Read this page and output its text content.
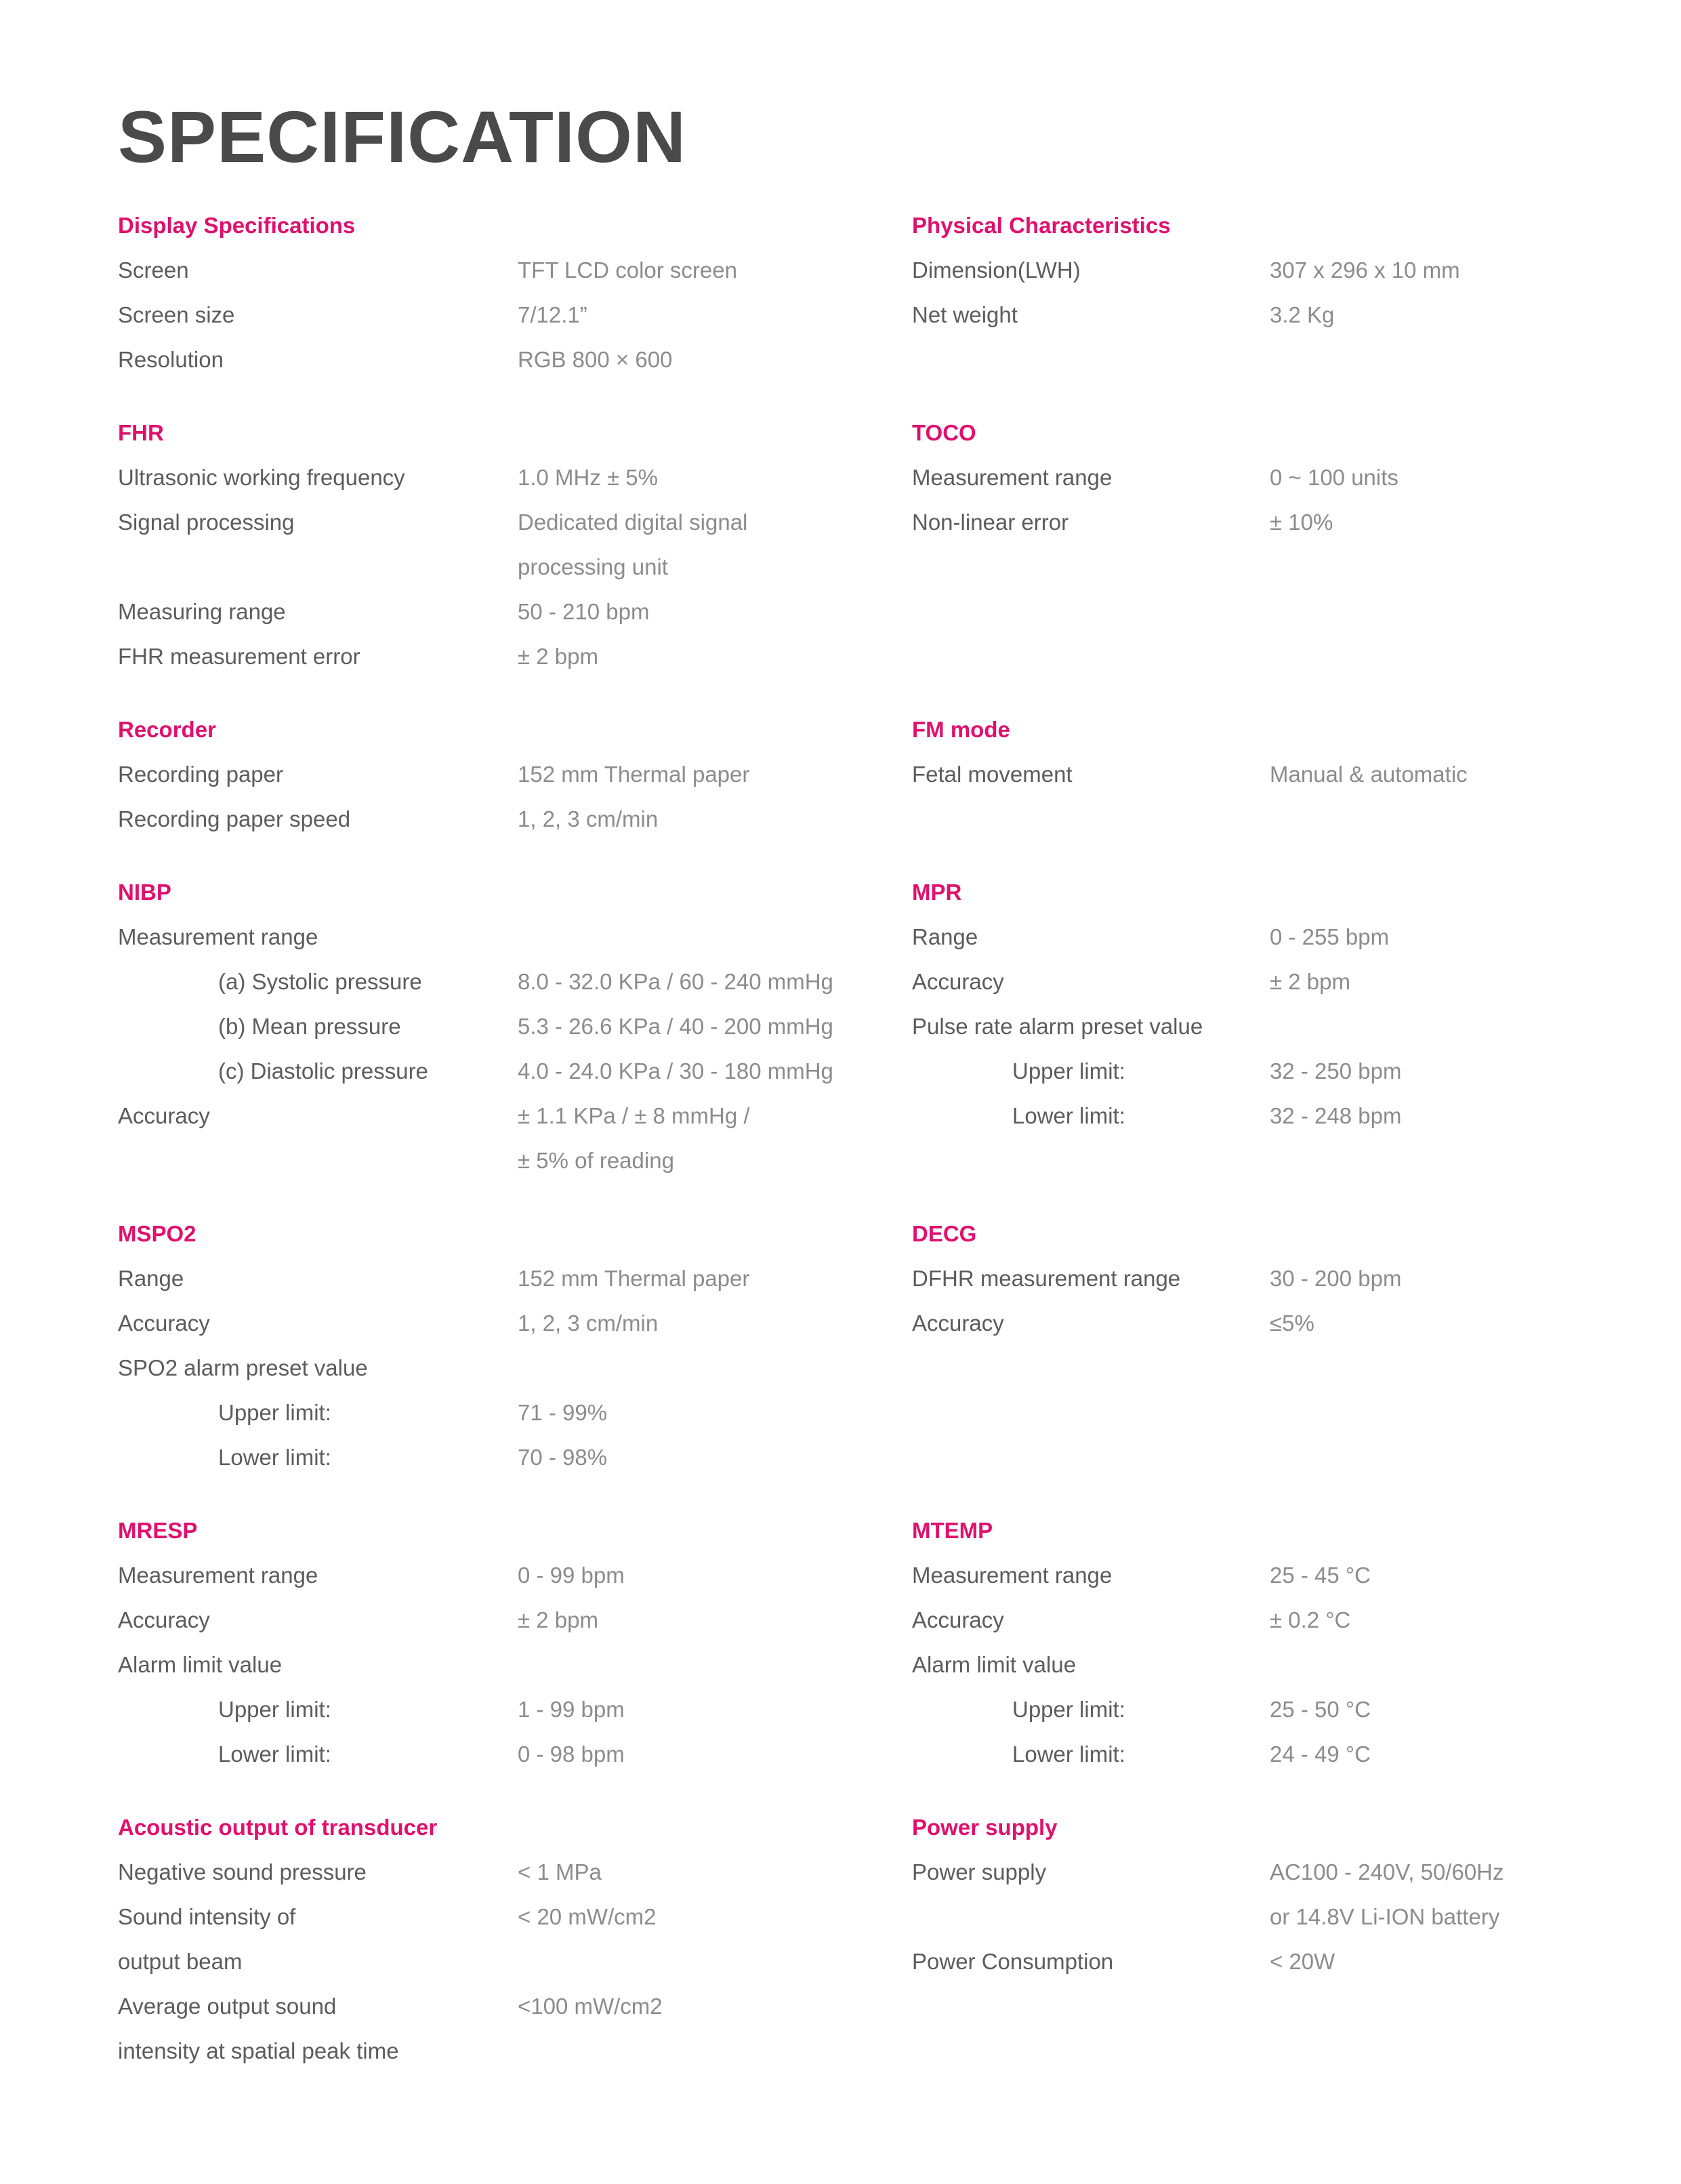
SPECIFICATION
Display Specifications
Screen	TFT LCD color screen
Screen size	7/12.1”
Resolution	RGB 800 × 600
FHR
Ultrasonic working frequency	1.0 MHz ± 5%
Signal processing	Dedicated digital signal
processing unit
Measuring range	50 - 210 bpm
FHR measurement error	± 2 bpm
Recorder
Recording paper	152 mm Thermal paper
Recording paper speed	1, 2, 3 cm/min
NIBP
Measurement range
(a) Systolic pressure	8.0 - 32.0 KPa / 60 - 240 mmHg
(b) Mean pressure	5.3 - 26.6 KPa / 40 - 200 mmHg
(c) Diastolic pressure	4.0 - 24.0 KPa / 30 - 180 mmHg
Accuracy	± 1.1 KPa / ± 8 mmHg /
± 5% of reading
MSPO2
Range	152 mm Thermal paper
Accuracy	1, 2, 3 cm/min
SPO2 alarm preset value
Upper limit:	71 - 99%
Lower limit:	70 - 98%
MRESP
Measurement range	0 - 99 bpm
Accuracy	± 2 bpm
Alarm limit value
Upper limit:	1 - 99 bpm
Lower limit:	0 - 98 bpm
Acoustic output of transducer
Negative sound pressure	< 1 MPa
Sound intensity of	< 20 mW/cm2
output beam
Average output sound	<100 mW/cm2
intensity at spatial peak time
Physical Characteristics
Dimension(LWH)	307 x 296 x 10 mm
Net weight	3.2 Kg
TOCO
Measurement range	0 ~ 100 units
Non-linear error	± 10%
FM mode
Fetal movement	Manual & automatic
MPR
Range	0 - 255 bpm
Accuracy	± 2 bpm
Pulse rate alarm preset value
Upper limit:	32 - 250 bpm
Lower limit:	32 - 248 bpm
DECG
DFHR measurement range	30 - 200 bpm
Accuracy	≤5%
MTEMP
Measurement range	25 - 45 °C
Accuracy	± 0.2 °C
Alarm limit value
Upper limit:	25 - 50 °C
Lower limit:	24 - 49 °C
Power supply
Power supply	AC100 - 240V, 50/60Hz
or 14.8V Li-ION battery
Power Consumption	< 20W
